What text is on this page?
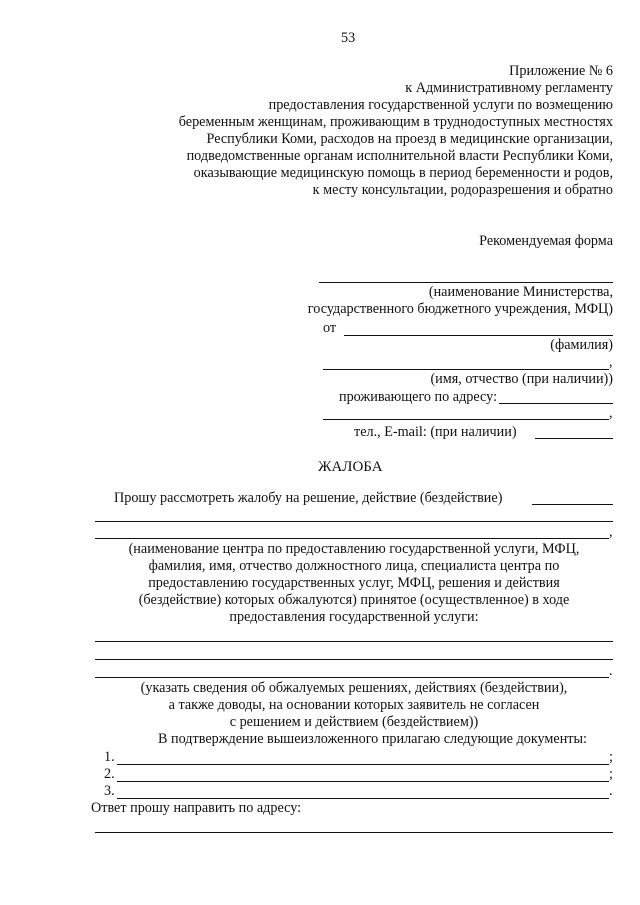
53
Приложение № 6
к Административному регламенту
предоставления государственной услуги по возмещению
беременным женщинам, проживающим в труднодоступных местностях
Республики Коми, расходов на проезд в медицинские организации,
подведомственные органам исполнительной власти Республики Коми,
оказывающие медицинскую помощь в период беременности и родов,
к месту консультации, родоразрешения и обратно
Рекомендуемая форма
(наименование Министерства,
государственного бюджетного учреждения, МФЦ)
от
(фамилия)
,
(имя, отчество (при наличии))
проживающего по адресу:
,
тел., E-mail: (при наличии)
ЖАЛОБА
Прошу рассмотреть жалобу на решение, действие (бездействие)
,
(наименование центра по предоставлению государственной услуги, МФЦ,
фамилия, имя, отчество должностного лица, специалиста центра по
предоставлению государственных услуг, МФЦ, решения и действия
(бездействие) которых обжалуются) принятое (осуществленное) в ходе
предоставления государственной услуги:
.
(указать сведения об обжалуемых решениях, действиях (бездействии),
а также доводы, на основании которых заявитель не согласен
с решением и действием (бездействием))
В подтверждение вышеизложенного прилагаю следующие документы:
1.	;
2.	;
3.	.
Ответ прошу направить по адресу:
